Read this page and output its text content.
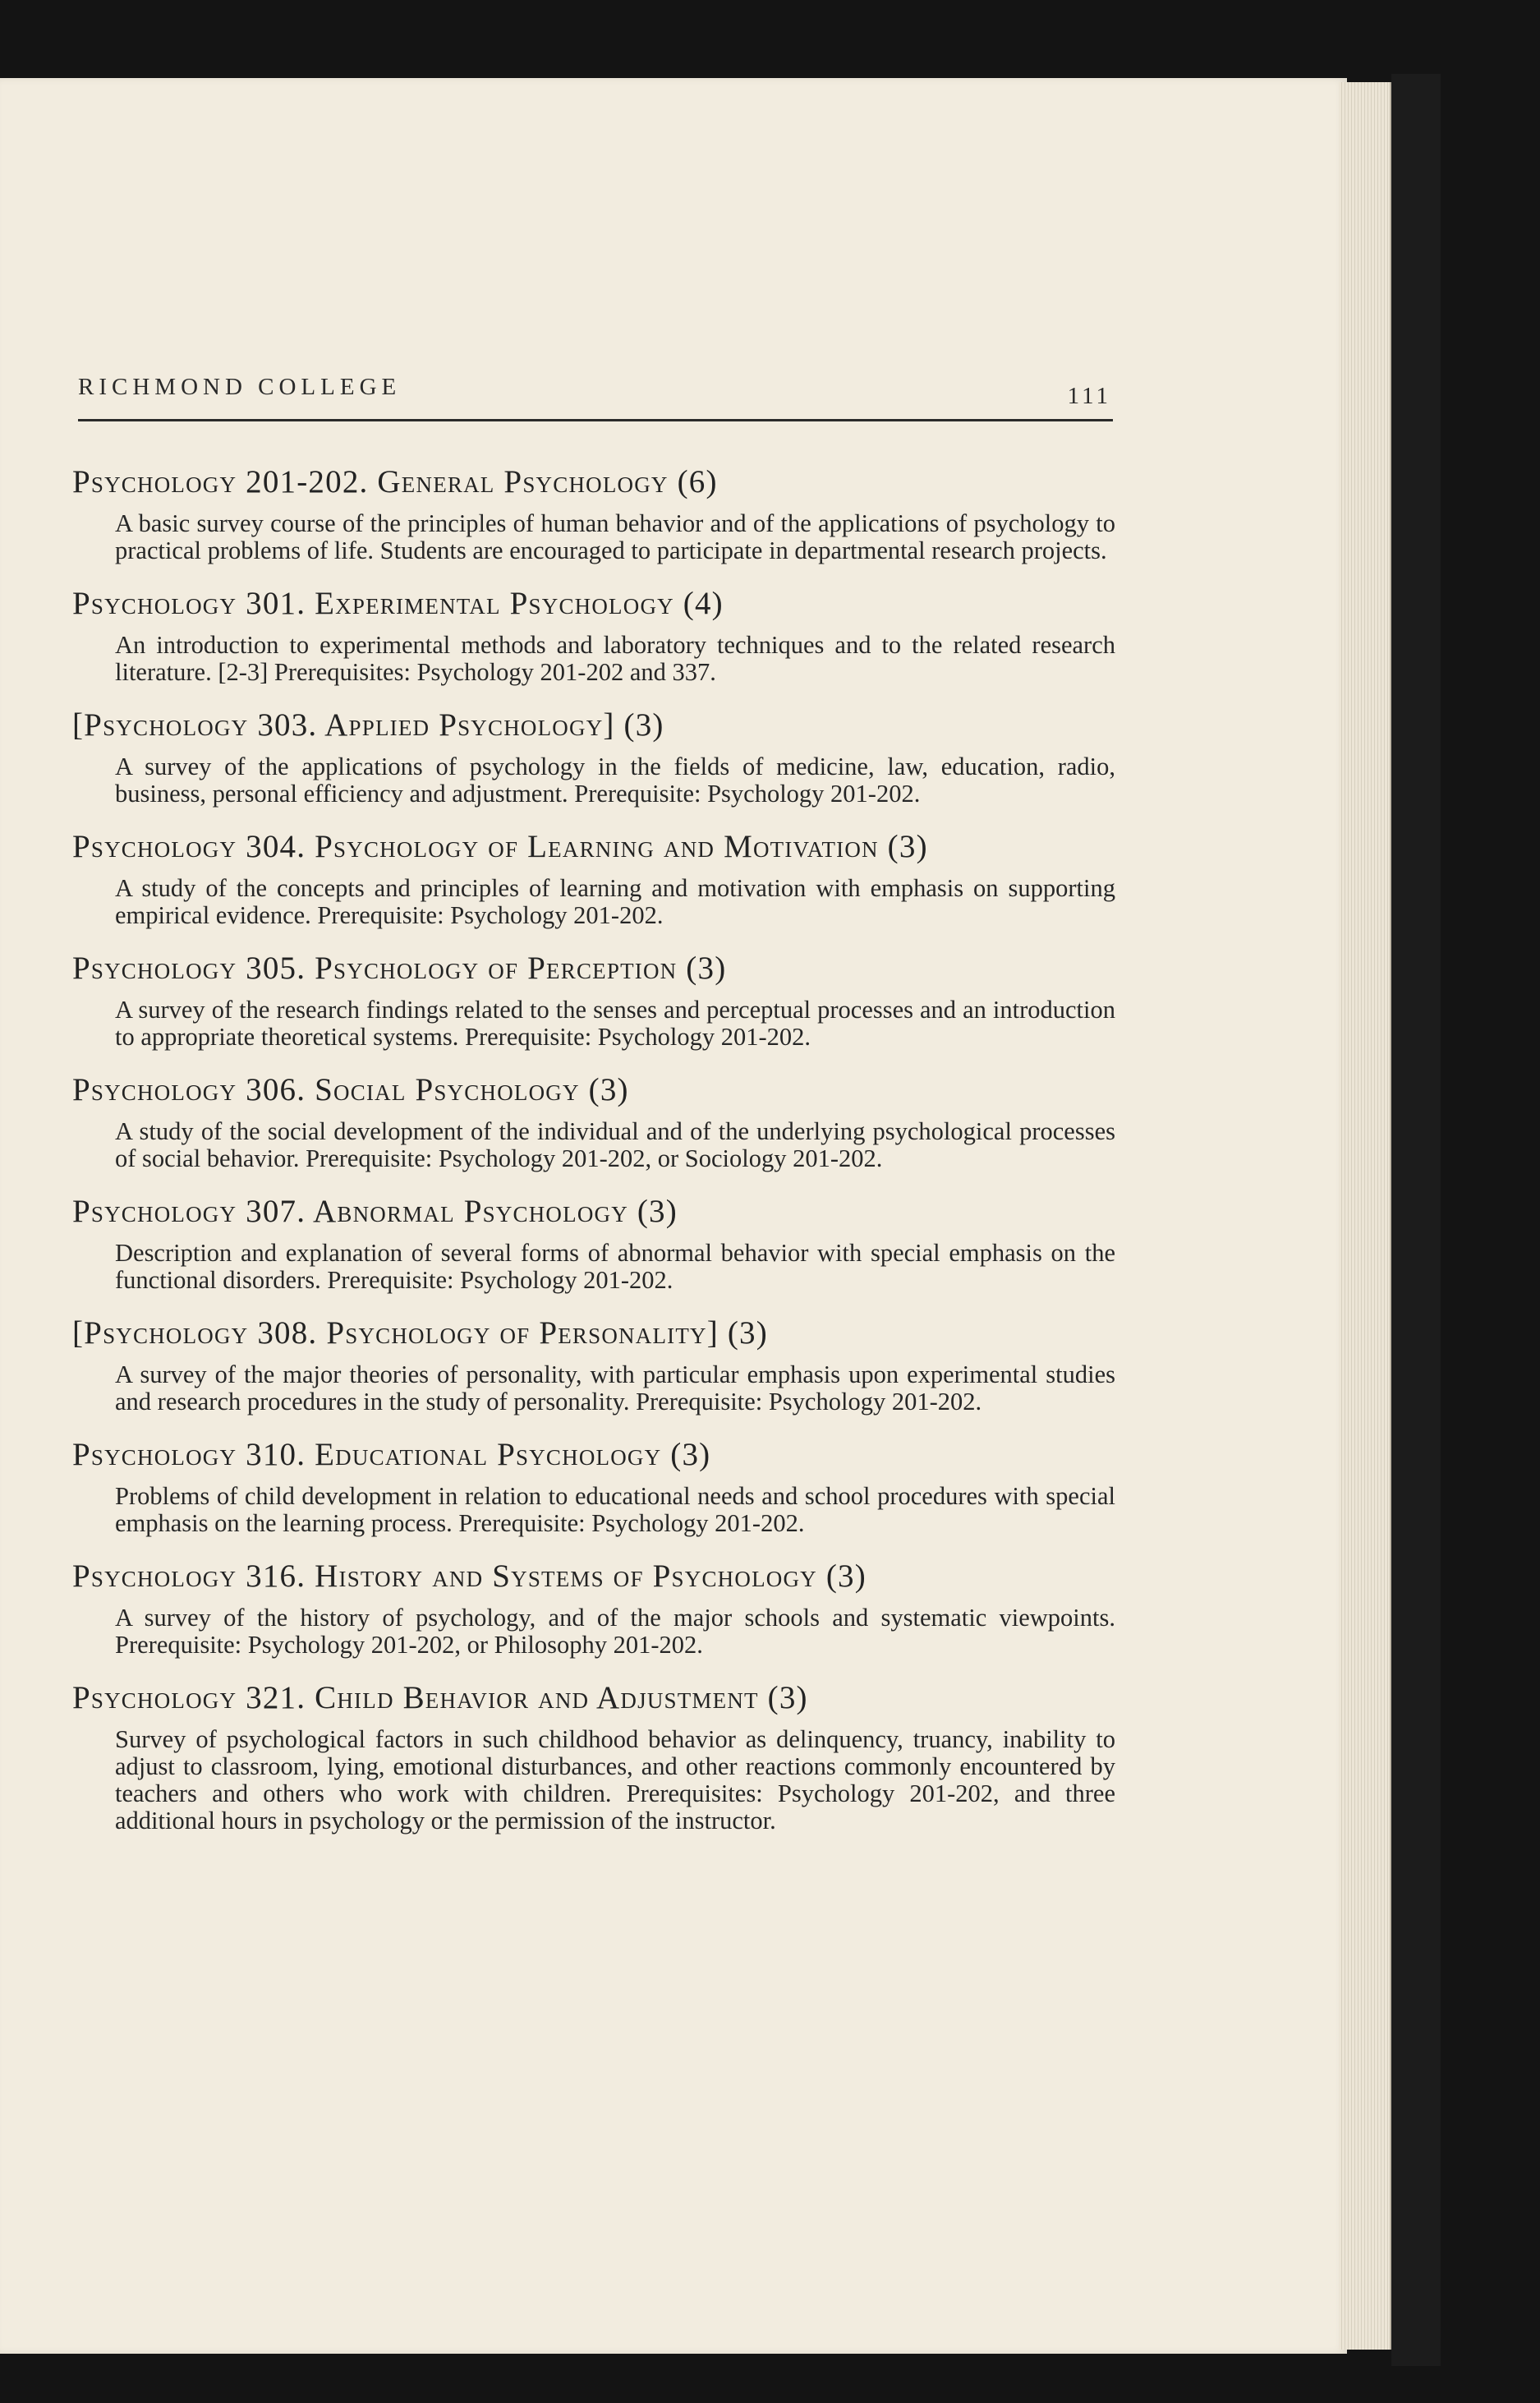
RICHMOND COLLEGE	111
Psychology 201-202. General Psychology (6)
A basic survey course of the principles of human behavior and of the applications of psychology to practical problems of life. Students are encouraged to participate in departmental research projects.
Psychology 301. Experimental Psychology (4)
An introduction to experimental methods and laboratory techniques and to the related research literature. [2-3] Prerequisites: Psychology 201-202 and 337.
[Psychology 303. Applied Psychology] (3)
A survey of the applications of psychology in the fields of medicine, law, education, radio, business, personal efficiency and adjustment. Prerequisite: Psychology 201-202.
Psychology 304. Psychology of Learning and Motivation (3)
A study of the concepts and principles of learning and motivation with emphasis on supporting empirical evidence. Prerequisite: Psychology 201-202.
Psychology 305. Psychology of Perception (3)
A survey of the research findings related to the senses and perceptual processes and an introduction to appropriate theoretical systems. Prerequisite: Psychology 201-202.
Psychology 306. Social Psychology (3)
A study of the social development of the individual and of the underlying psychological processes of social behavior. Prerequisite: Psychology 201-202, or Sociology 201-202.
Psychology 307. Abnormal Psychology (3)
Description and explanation of several forms of abnormal behavior with special emphasis on the functional disorders. Prerequisite: Psychology 201-202.
[Psychology 308. Psychology of Personality] (3)
A survey of the major theories of personality, with particular emphasis upon experimental studies and research procedures in the study of personality. Prerequisite: Psychology 201-202.
Psychology 310. Educational Psychology (3)
Problems of child development in relation to educational needs and school procedures with special emphasis on the learning process. Prerequisite: Psychology 201-202.
Psychology 316. History and Systems of Psychology (3)
A survey of the history of psychology, and of the major schools and systematic viewpoints. Prerequisite: Psychology 201-202, or Philosophy 201-202.
Psychology 321. Child Behavior and Adjustment (3)
Survey of psychological factors in such childhood behavior as delinquency, truancy, inability to adjust to classroom, lying, emotional disturbances, and other reactions commonly encountered by teachers and others who work with children. Prerequisites: Psychology 201-202, and three additional hours in psychology or the permission of the instructor.
